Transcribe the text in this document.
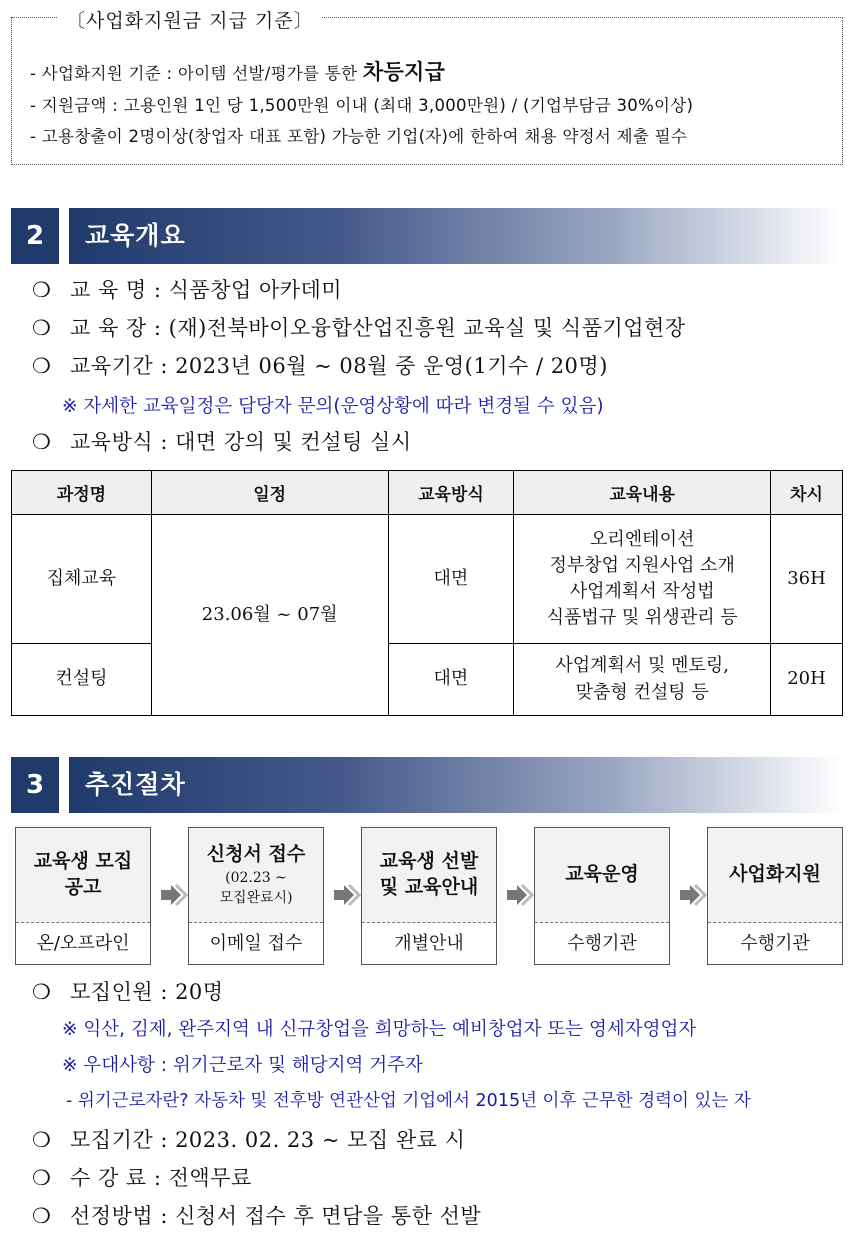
〔사업화지원금 지급 기준〕
- 사업화지원 기준 : 아이템 선발/평가를 통한 차등지급
- 지원금액 : 고용인원 1인 당 1,500만원 이내 (최대 3,000만원) / (기업부담금 30%이상)
- 고용창출이 2명이상(창업자 대표 포함) 가능한 기업(자)에 한하여 채용 약정서 제출 필수
2	교육개요
❍ 교 육 명 : 식품창업 아카데미
❍ 교 육 장 : (재)전북바이오융합산업진흥원 교육실 및 식품기업현장
❍ 교육기간 : 2023년 06월 ~ 08월 중 운영(1기수 / 20명)
※ 자세한 교육일정은 담당자 문의(운영상황에 따라 변경될 수 있음)
❍ 교육방식 : 대면 강의 및 컨설팅 실시
과정명	일정	교육방식	교육내용	차시
집체교육	23.06월 ~ 07월	대면	오리엔테이션
정부창업 지원사업 소개
사업계획서 작성법
식품법규 및 위생관리 등	36H
컨설팅		대면	사업계획서 및 멘토링,
맞춤형 컨설팅 등	20H
3	추진절차
교육생 모집
공고
온/오프라인
신청서 접수
(02.23 ~
모집완료시)
이메일 접수
교육생 선발
및 교육안내
개별안내
교육운영
수행기관
사업화지원
수행기관
❍ 모집인원 : 20명
※ 익산, 김제, 완주지역 내 신규창업을 희망하는 예비창업자 또는 영세자영업자
※ 우대사항 : 위기근로자 및 해당지역 거주자
- 위기근로자란? 자동차 및 전후방 연관산업 기업에서 2015년 이후 근무한 경력이 있는 자
❍ 모집기간 : 2023. 02. 23 ~ 모집 완료 시
❍ 수 강 료 : 전액무료
❍ 선정방법 : 신청서 접수 후 면담을 통한 선발
